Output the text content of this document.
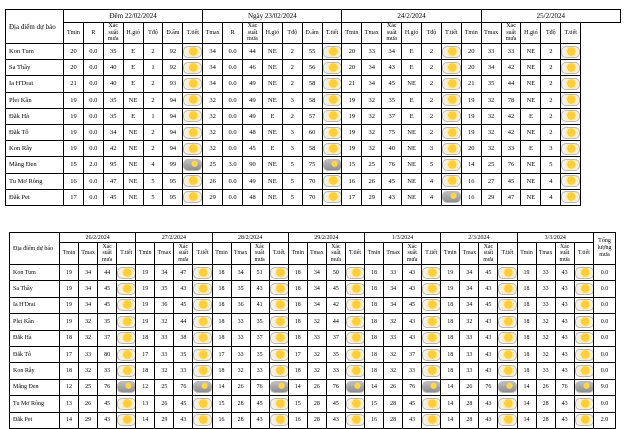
Địa điểm dự báo	Đêm 22/02/2024							Ngày 23/02/2024							24/2/2024							25/2/2024				
	Tmin	R	Xác suất mưa	H.gió	Tđộ	Đ.ẩm	T.tiết	Tmax	R	Xác suất mưa	H.gió	Tđộ	Đ.ẩm	T.tiết	Tmin	Tmax	Xác suất mưa	H.gió	Tđộ	T.tiết	Tmin	Tmax	Xác suất mưa	H.gió	Tđộ	T.tiết
Kon Tum	20	0.0	35	E	2	92		34	0.0	44	NE	2	55		20	33	34	E	2		20	33	33	NE	2	
Sa Thầy	20	0.0	40	E	1	92		34	0.0	46	NE	2	56		20	34	43	E	2		20	34	42	NE	2	
Ia H'Drai	21	0.0	40	E	2	93		34	0.0	49	NE	2	58		21	34	45	NE	2		21	35	44	NE	2	
Plei Kần	19	0.0	35	NE	2	94		32	0.0	49	NE	3	58		19	32	35	E	2		19	32	78	NE	2	
Đăk Hà	19	0.0	35	E	1	94		32	0.0	49	E	2	57		19	32	37	E	2		19	32	42	E	2	
Đăk Tô	19	0.0	34	NE	2	94		32	0.0	48	NE	3	60		19	32	75	NE	2		19	32	42	NE	2	
Kon Rẫy	19	0.0	42	NE	2	94		32	0.0	45	E	3	58		19	32	40	NE	3		20	32	33	E	3	
Măng Đen	15	2.0	95	NE	4	99		25	3.0	90	NE	5	75		15	25	76	NE	5		14	25	76	NE	5	
Tu Mơ Rông	16	0.0	47	NE	5	95		26	0.0	49	NE	5	70		16	26	45	NE	4		16	27	45	NE	4	
Đăk Pet	17	0.0	45	NE	5	95		29	0.0	48	NE	5	70		17	29	43	NE	4		16	29	47	NE	4	
Địa điểm dự báo	26/2/2024				27/2/2024				28/2/2024				29/2/2024				1/3/2024				2/3/2024				3/3/2024				Tổng lượng mưa
	Tmin	Tmax	Xác suất mưa	T.tiết	Tmin	Tmax	Xác suất mưa	T.tiết	Tmin	Tmax	Xác suất mưa	T.tiết	Tmin	Tmax	Xác suất mưa	T.tiết	Tmin	Tmax	Xác suất mưa	T.tiết	Tmin	Tmax	Xác suất mưa	T.tiết	Tmin	Tmax	Xác suất mưa	T.tiết	
Kon Tum	19	34	44		19	34	47		18	34	51		18	34	50		18	33	43		19	34	45		19	33	43		0.0
Sa Thầy	19	34	45		19	35	43		18	35	43		18	34	45		18	34	43		19	34	43		18	33	43		0.0
Ia H'Drai	19	34	45		19	36	45		18	36	41		18	34	42		18	34	45		18	34	45		18	33	43		0.0
Plei Kần	19	32	35		19	32	44		18	33	35		18	32	44		18	32	43		18	32	43		18	32	43		0.0
Đăk Hà	18	32	37		18	33	38		18	33	37		18	33	37		18	33	43		18	33	43		18	32	43		0.0
Đăk Tô	17	33	80		17	33	35		17	33	35		17	32	35		18	32	37		18	33	43		18	32	43		0.0
Kon Rẫy	18	32	33		18	32	33		18	32	33		18	32	33		18	32	33		18	33	43		18	33	43		0.0
Măng Đen	12	25	76		12	25	76		14	26	76		14	26	76		14	26	76		14	26	76		14	26	76		9.0
Tu Mơ Rông	13	26	45		13	26	45		15	28	45		15	28	45		15	28	45		14	28	43		14	28	43		0.0
Đăk Pet	14	29	43		14	29	43		16	28	43		16	28	43		16	28	43		14	28	43		14	28	43		2.0
